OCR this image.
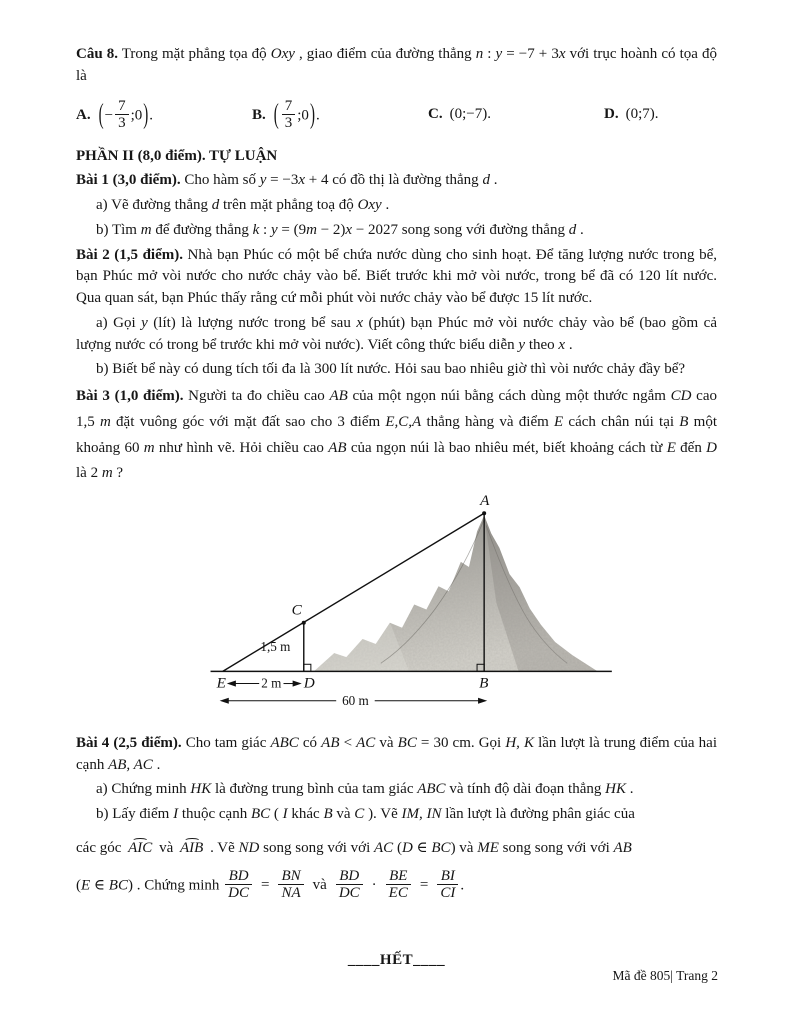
Câu 8. Trong mặt phẳng tọa độ Oxy , giao điểm của đường thẳng n : y = −7 + 3x với trục hoành có tọa độ là

A. (− $\frac{7}{3}$ ;0).	B. ( $\frac{7}{3}$ ;0).	C. (0;−7).	D. (0;7).

PHẦN II (8,0 điểm). TỰ LUẬN

Bài 1 (3,0 điểm). Cho hàm số y = −3x + 4 có đồ thị là đường thẳng d .

a) Vẽ đường thẳng d trên mặt phẳng toạ độ Oxy .

b) Tìm m để đường thẳng k : y = (9m − 2)x − 2027 song song với đường thẳng d .

Bài 2 (1,5 điểm). Nhà bạn Phúc có một bể chứa nước dùng cho sinh hoạt. Để tăng lượng nước trong bể, bạn Phúc mở vòi nước cho nước chảy vào bể. Biết trước khi mở vòi nước, trong bể đã có 120 lít nước. Qua quan sát, bạn Phúc thấy rằng cứ mỗi phút vòi nước chảy vào bể được 15 lít nước.

a) Gọi y (lít) là lượng nước trong bể sau x (phút) bạn Phúc mở vòi nước chảy vào bể (bao gồm cả lượng nước có trong bể trước khi mở vòi nước). Viết công thức biểu diễn y theo x .

b) Biết bể này có dung tích tối đa là 300 lít nước. Hỏi sau bao nhiêu giờ thì vòi nước chảy đầy bể?

Bài 3 (1,0 điểm). Người ta đo chiều cao AB của một ngọn núi bằng cách dùng một thước ngắm CD cao 1,5 m đặt vuông góc với mặt đất sao cho 3 điểm E,C,A thẳng hàng và điểm E cách chân núi tại B một khoảng 60 m như hình vẽ. Hỏi chiều cao AB của ngọn núi là bao nhiêu mét, biết khoảng cách từ E đến D là 2 m ?

A
C
1,5 m
E	D	B
2 m
60 m

Bài 4 (2,5 điểm). Cho tam giác ABC có AB < AC và BC = 30 cm. Gọi H, K lần lượt là trung điểm của hai cạnh AB, AC .

a) Chứng minh HK là đường trung bình của tam giác ABC và tính độ dài đoạn thẳng HK .

b) Lấy điểm I thuộc cạnh BC ( I khác B và C ). Vẽ IM, IN lần lượt là đường phân giác của

các góc ⌢ AIC và ⌢ AIB . Vẽ ND song song với với AC (D ∈ BC) và ME song song với với AB

(E ∈ BC) . Chứng minh $\frac{BD}{DC} = \frac{BN}{NA}$ và $\frac{BD}{DC} \cdot \frac{BE}{EC} = \frac{BI}{CI}$ .

____HẾT____

Mã đề 805| Trang 2
